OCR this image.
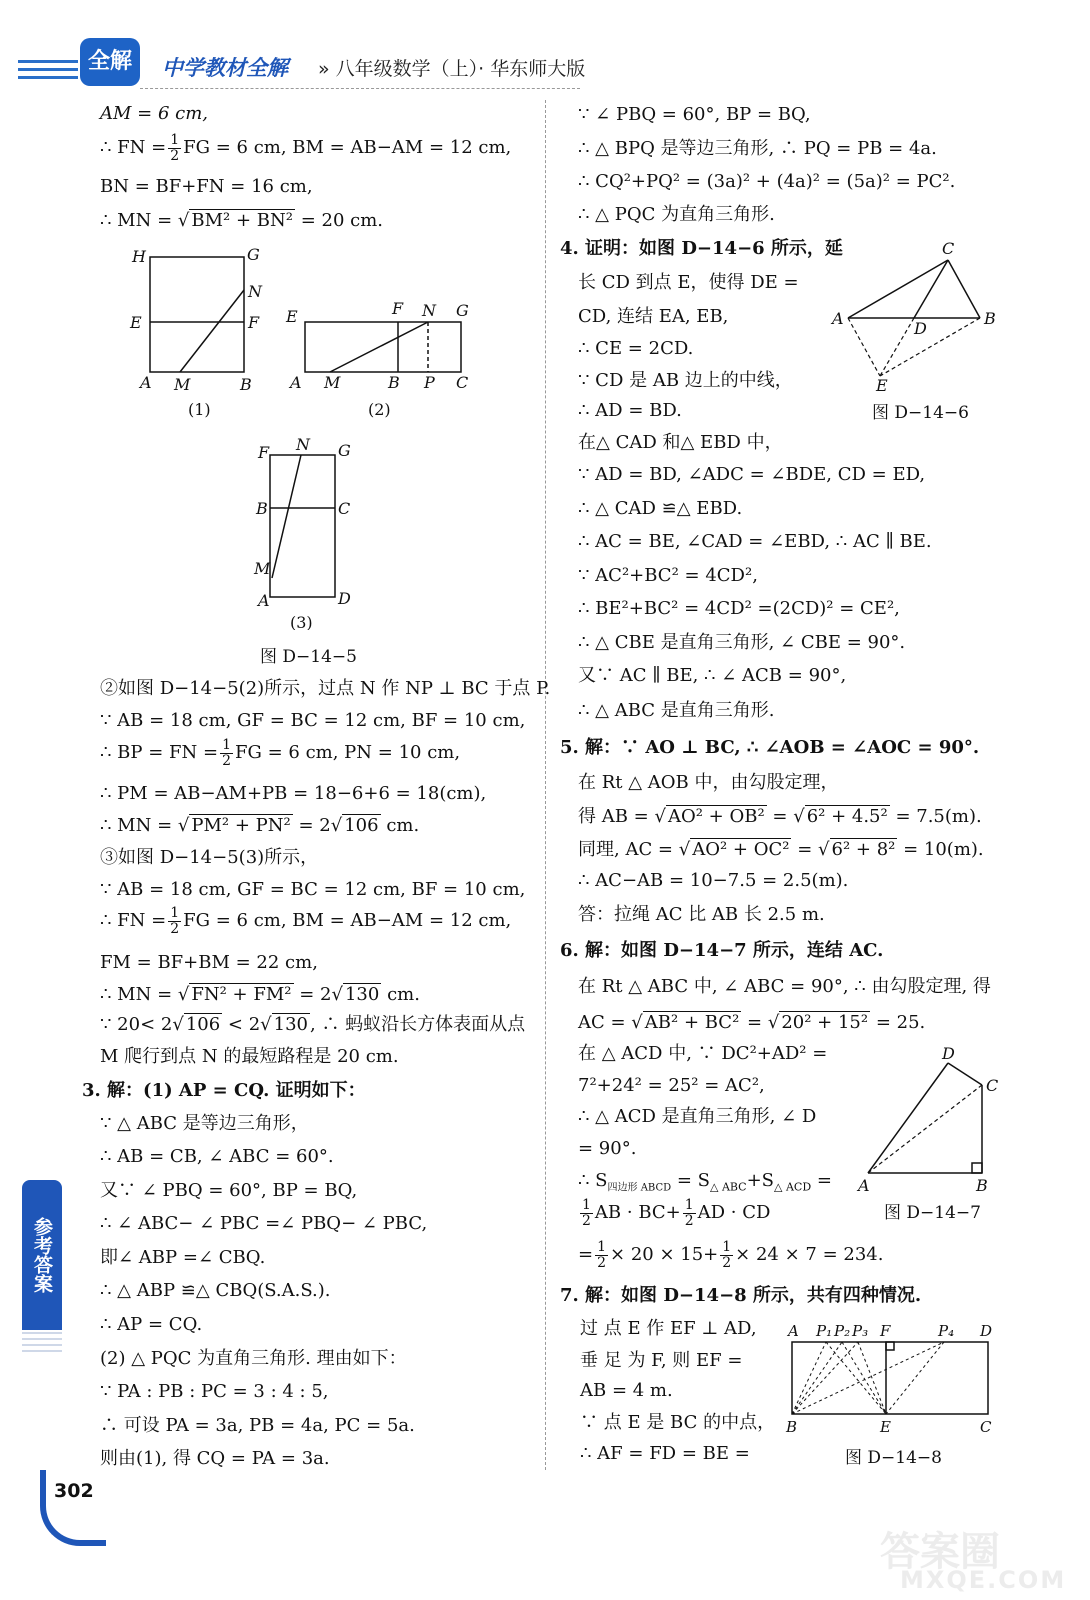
全解	中学教材全解 » 八年级数学（上）· 华东师大版
AM = 6 cm,
∴ FN = $\frac{1}{2}$ FG = 6 cm, BM = AB−AM = 12 cm,
BN = BF+FN = 16 cm,
∴ MN = √ BM² + BN² = 20 cm.
H	G
N
E	F
A M	B
E	F N G
A M	B P C
F N G
B	C
M
A	D
(1)	(2)
(3)
图 D−14−5
②如图 D−14−5(2)所示，过点 N 作 NP ⊥ BC 于点 P.
∵ AB = 18 cm, GF = BC = 12 cm, BF = 10 cm,
∴ BP = FN = $\frac{1}{2}$ FG = 6 cm, PN = 10 cm,
∴ PM = AB−AM+PB = 18−6+6 = 18(cm),
∴ MN = √ PM² + PN² = 2√ 106 cm.
③如图 D−14−5(3)所示，
∵ AB = 18 cm, GF = BC = 12 cm, BF = 10 cm,
∴ FN = $\frac{1}{2}$ FG = 6 cm, BM = AB−AM = 12 cm,
FM = BF+BM = 22 cm,
∴ MN = √ FN² + FM² = 2√ 130 cm.
∵ 20< 2√ 106 < 2√ 130 , ∴ 蚂蚁沿长方体表面从点
M 爬行到点 N 的最短路程是 20 cm.
3. 解：(1) AP = CQ. 证明如下：
∵ △ ABC 是等边三角形，
∴ AB = CB, ∠ ABC = 60°.
又∵ ∠ PBQ = 60°, BP = BQ,
∴ ∠ ABC− ∠ PBC =∠ PBQ− ∠ PBC,
即∠ ABP =∠ CBQ.
∴ △ ABP ≌△ CBQ(S.A.S.).
∴ AP = CQ.
(2) △ PQC 为直角三角形. 理由如下：
∵ PA : PB : PC = 3 : 4 : 5,
∴ 可设 PA = 3a, PB = 4a, PC = 5a.
则由(1), 得 CQ = PA = 3a.
∵ ∠ PBQ = 60°, BP = BQ,
∴ △ BPQ 是等边三角形, ∴ PQ = PB = 4a.
∴ CQ²+PQ² = (3a)² + (4a)² = (5a)² = PC².
∴ △ PQC 为直角三角形.
4. 证明：如图 D−14−6 所示，延
长 CD 到点 E，使得 DE =
CD, 连结 EA, EB,
∴ CE = 2CD.
∵ CD 是 AB 边上的中线，
∴ AD = BD.
C
A
D
B
E
图 D−14−6
在△ CAD 和△ EBD 中，
∵ AD = BD, ∠ADC = ∠BDE, CD = ED,
∴ △ CAD ≌△ EBD.
∴ AC = BE, ∠CAD = ∠EBD, ∴ AC ∥ BE.
∵ AC²+BC² = 4CD²,
∴ BE²+BC² = 4CD² =(2CD)² = CE²,
∴ △ CBE 是直角三角形, ∠ CBE = 90°.
又∵ AC ∥ BE, ∴ ∠ ACB = 90°,
∴ △ ABC 是直角三角形.
5. 解：∵ AO ⊥ BC, ∴ ∠AOB = ∠AOC = 90°.
在 Rt △ AOB 中，由勾股定理，
得 AB = √ AO² + OB² = √ 6² + 4.5² = 7.5(m).
同理, AC = √ AO² + OC² = √ 6² + 8² = 10(m).
∴ AC−AB = 10−7.5 = 2.5(m).
答：拉绳 AC 比 AB 长 2.5 m.
6. 解：如图 D−14−7 所示，连结 AC.
在 Rt △ ABC 中, ∠ ABC = 90°, ∴ 由勾股定理, 得
AC = √ AB² + BC² = √ 20² + 15² = 25.
在 △ ACD 中, ∵ DC²+AD² =
7²+24² = 25² = AC²,
∴ △ ACD 是直角三角形, ∠ D
= 90°.
∴ $S_{四边形 ABCD} = S_{\triangle ABC}+S_{\triangle ACD}$ =
$\frac{1}{2}$ AB · $BC+ \frac{1}{2}$ AD · CD
D
C
A	B
图 D−14−7
= $\frac{1}{2} \times 20 \times 15+ \frac{1}{2} \times 24 \times 7 = 234$.
7. 解：如图 D−14−8 所示，共有四种情况.
过 点 E 作 EF ⊥ AD,
垂 足 为 F, 则 EF =
AB = 4 m.
∵ 点 E 是 BC 的中点，
∴ AF = FD = BE =
A P₁ P₂ P₃ F	P₄ D
B	E	C
图 D−14−8
参考答案
302
答案圈
MXQE.COM
